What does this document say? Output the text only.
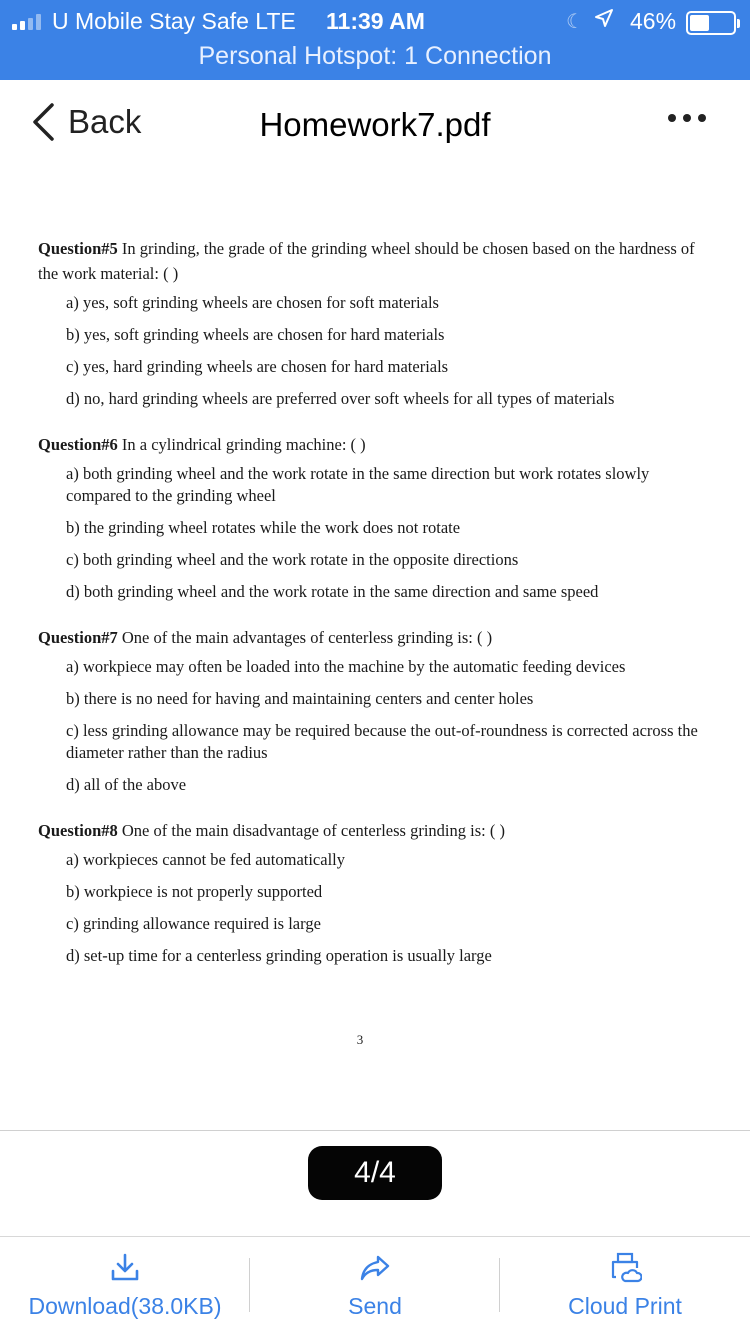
U Mobile Stay Safe LTE 11:39 AM	☾ 46%
Personal Hotspot: 1 Connection
Back	Homework7.pdf
Question#5 In grinding, the grade of the grinding wheel should be chosen based on the hardness of the work material: ( )
a) yes, soft grinding wheels are chosen for soft materials
b) yes, soft grinding wheels are chosen for hard materials
c) yes, hard grinding wheels are chosen for hard materials
d) no, hard grinding wheels are preferred over soft wheels for all types of materials
Question#6 In a cylindrical grinding machine: ( )
a) both grinding wheel and the work rotate in the same direction but work rotates slowly compared to the grinding wheel
b) the grinding wheel rotates while the work does not rotate
c) both grinding wheel and the work rotate in the opposite directions
d) both grinding wheel and the work rotate in the same direction and same speed
Question#7 One of the main advantages of centerless grinding is: ( )
a) workpiece may often be loaded into the machine by the automatic feeding devices
b) there is no need for having and maintaining centers and center holes
c) less grinding allowance may be required because the out-of-roundness is corrected across the diameter rather than the radius
d) all of the above
Question#8 One of the main disadvantage of centerless grinding is: ( )
a) workpieces cannot be fed automatically
b) workpiece is not properly supported
c) grinding allowance required is large
d) set-up time for a centerless grinding operation is usually large
3
4/4
Download(38.0KB)	Send	Cloud Print
